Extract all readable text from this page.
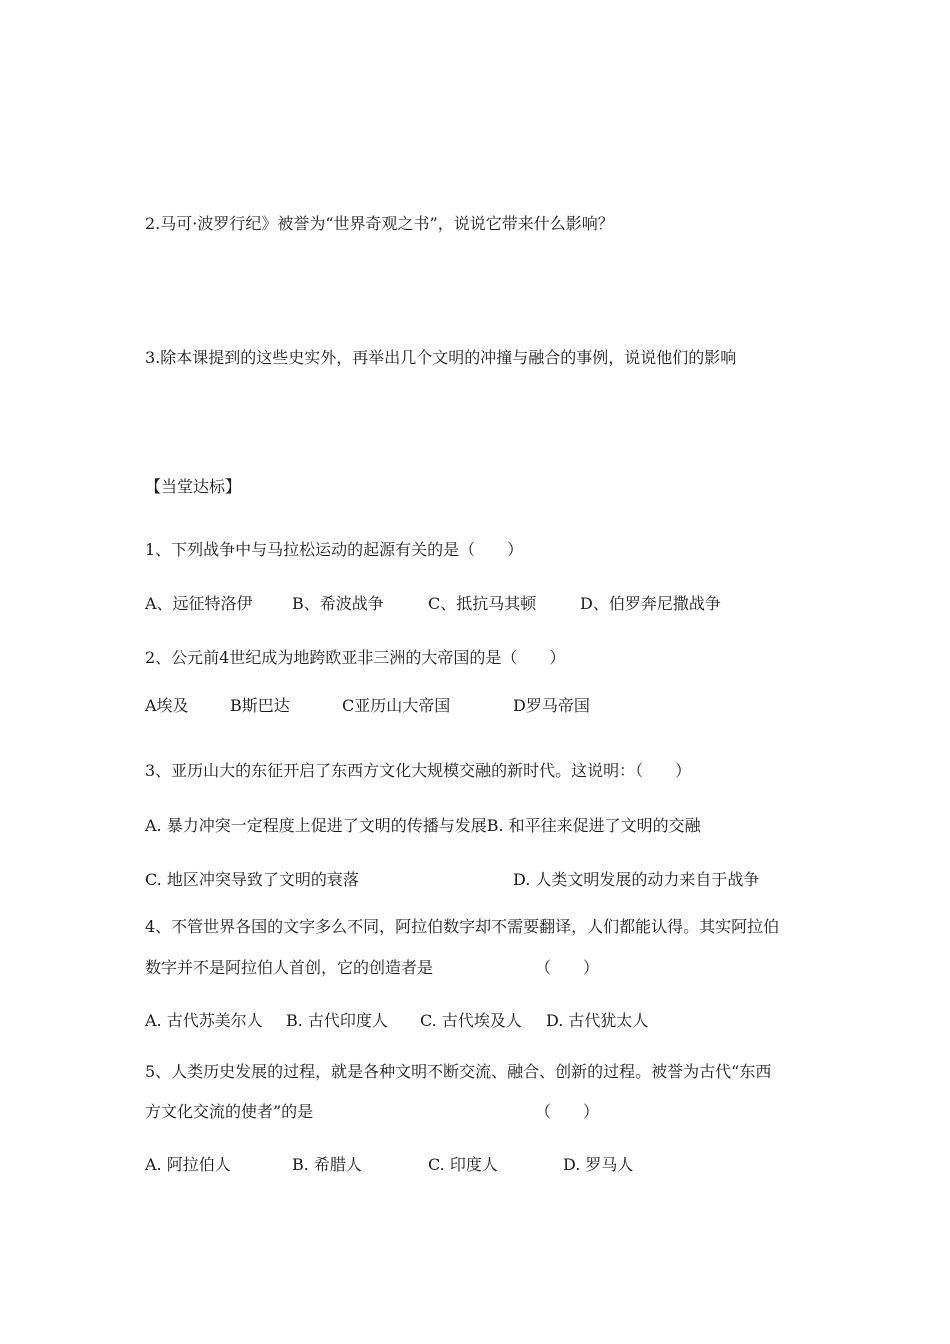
2.马可·波罗行纪》被誉为“世界奇观之书”，说说它带来什么影响？
3.除本课提到的这些史实外，再举出几个文明的冲撞与融合的事例，说说他们的影响
【当堂达标】
1、下列战争中与马拉松运动的起源有关的是（　　）
A、远征特洛伊 B、希波战争	C、抵抗马其顿	D、伯罗奔尼撒战争
2、公元前4世纪成为地跨欧亚非三洲的大帝国的是（　　）
A埃及	B斯巴达	C亚历山大帝国	D罗马帝国
3、亚历山大的东征开启了东西方文化大规模交融的新时代。这说明：（　　）
A. 暴力冲突一定程度上促进了文明的传播与发展B. 和平往来促进了文明的交融
C. 地区冲突导致了文明的衰落	D. 人类文明发展的动力来自于战争
4、不管世界各国的文字多么不同，阿拉伯数字却不需要翻译，人们都能认得。其实阿拉伯
数字并不是阿拉伯人首创，它的创造者是	（　　）
A. 古代苏美尔人 B. 古代印度人 C. 古代埃及人 D. 古代犹太人
5、人类历史发展的过程，就是各种文明不断交流、融合、创新的过程。被誉为古代“东西
方文化交流的使者”的是	（　　）
A. 阿拉伯人	B. 希腊人	C. 印度人	D. 罗马人
